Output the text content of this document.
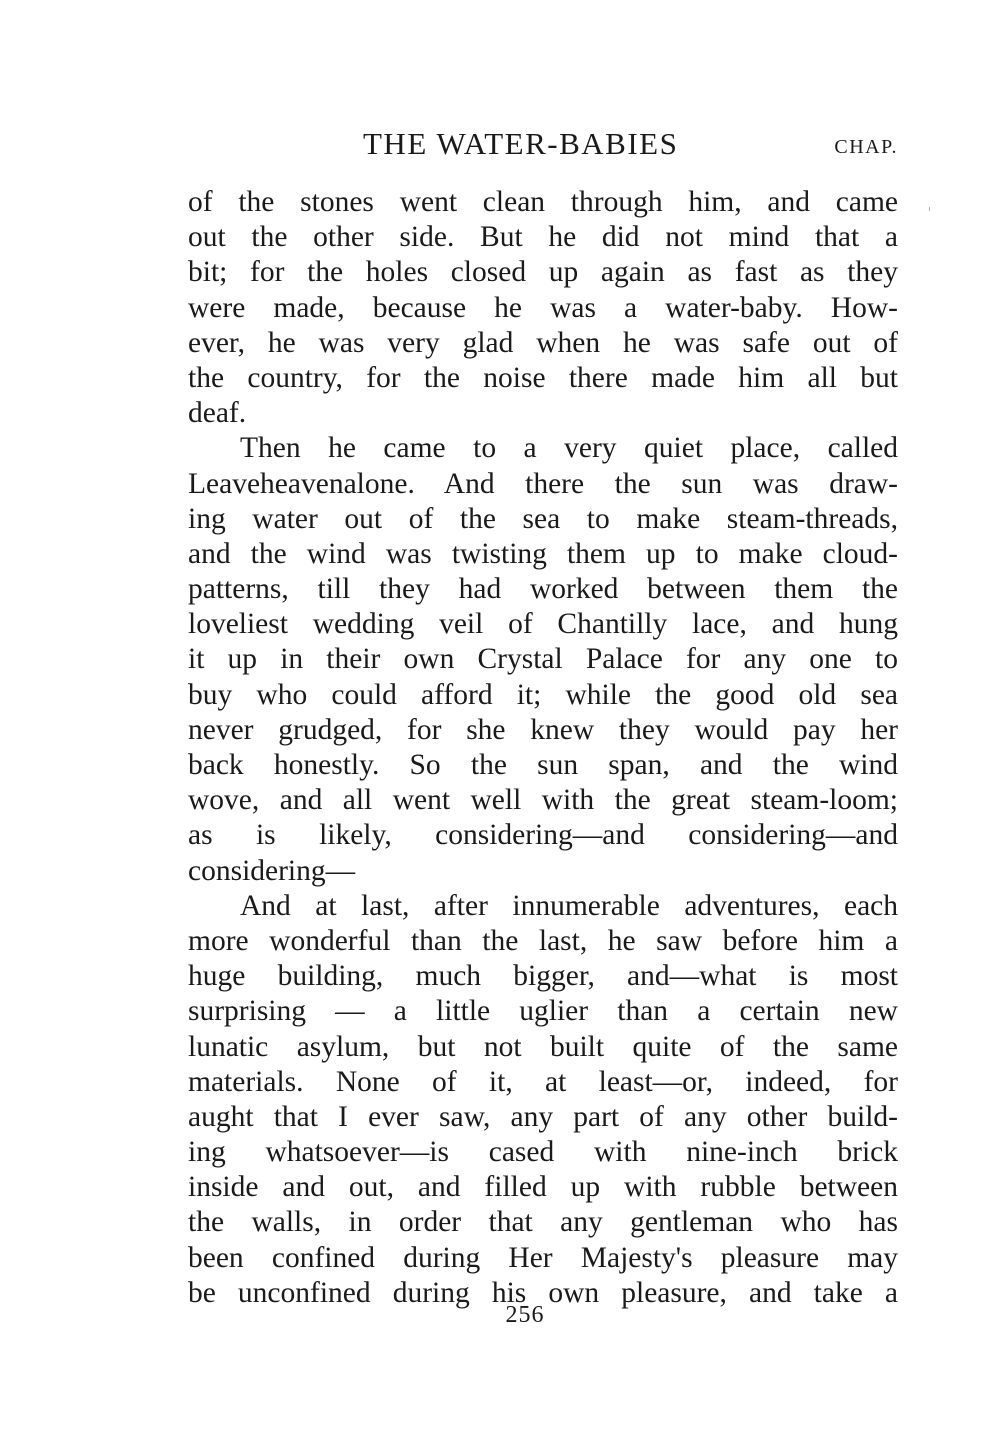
THE WATER-BABIES	CHAP.
of the stones went clean through him, and came
out the other side. But he did not mind that a
bit; for the holes closed up again as fast as they
were made, because he was a water-baby. How-
ever, he was very glad when he was safe out of
the country, for the noise there made him all but
deaf.
Then he came to a very quiet place, called
Leaveheavenalone. And there the sun was draw-
ing water out of the sea to make steam-threads,
and the wind was twisting them up to make cloud-
patterns, till they had worked between them the
loveliest wedding veil of Chantilly lace, and hung
it up in their own Crystal Palace for any one to
buy who could afford it; while the good old sea
never grudged, for she knew they would pay her
back honestly. So the sun span, and the wind
wove, and all went well with the great steam-loom;
as is likely, considering—and considering—and
considering—
And at last, after innumerable adventures, each
more wonderful than the last, he saw before him a
huge building, much bigger, and—what is most
surprising — a little uglier than a certain new
lunatic asylum, but not built quite of the same
materials. None of it, at least—or, indeed, for
aught that I ever saw, any part of any other build-
ing whatsoever—is cased with nine-inch brick
inside and out, and filled up with rubble between
the walls, in order that any gentleman who has
been confined during Her Majesty's pleasure may
be unconfined during his own pleasure, and take a
256
